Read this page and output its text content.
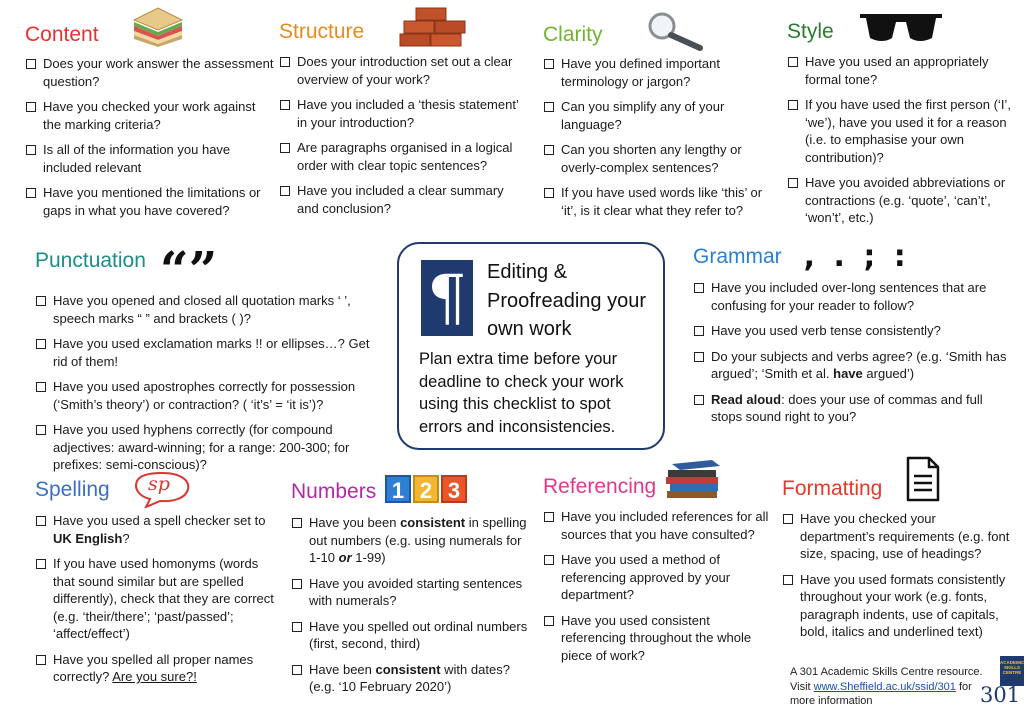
Content
Does your work answer the assessment question?
Have you checked your work against the marking criteria?
Is all of the information you have included relevant
Have you mentioned the limitations or gaps in what you have covered?
Structure
Does your introduction set out a clear overview of your work?
Have you included a ‘thesis statement’ in your introduction?
Are paragraphs organised in a logical order with clear topic sentences?
Have you included a clear summary and conclusion?
Clarity
Have you defined important terminology or jargon?
Can you simplify any of your language?
Can you shorten any lengthy or overly-complex sentences?
If you have used words like ‘this’ or ‘it’, is it clear what they refer to?
Style
Have you used an appropriately formal tone?
If you have used the first person (‘I’, ‘we’), have you used it for a reason (i.e. to emphasise your own contribution)?
Have you avoided abbreviations or contractions (e.g. ‘quote’, ‘can’t’, ‘won’t’, etc.)
Punctuation “”
Have you opened and closed all quotation marks ‘ ’, speech marks “ ” and brackets ( )?
Have you used exclamation marks !! or ellipses…? Get rid of them!
Have you used apostrophes correctly for possession (‘Smith’s theory’) or contraction? ( ‘it’s’ = ‘it is’)?
Have you used hyphens correctly (for compound adjectives: award-winning; for a range: 200-300; for prefixes: semi-conscious)?
¶	Editing & Proofreading your own work
Plan extra time before your deadline to check your work using this checklist to spot errors and inconsistencies.
Grammar , . ; :
Have you included over-long sentences that are confusing for your reader to follow?
Have you used verb tense consistently?
Do your subjects and verbs agree? (e.g. ‘Smith has argued’; ‘Smith et al. have argued’)
Read aloud: does your use of commas and full stops sound right to you?
Spelling
Have you used a spell checker set to UK English?
If you have used homonyms (words that sound similar but are spelled differently), check that they are correct (e.g. ‘their/there’; ‘past/passed’; ‘affect/effect’)
Have you spelled all proper names correctly? Are you sure?!
sp	Numbers
Have you been consistent in spelling out numbers (e.g. using numerals for 1-10 or 1-99)
Have you avoided starting sentences with numerals?
Have you spelled out ordinal numbers (first, second, third)
Have been consistent with dates? (e.g. ‘10 February 2020’)
1 2 3	Referencing
Have you included references for all sources that you have consulted?
Have you used a method of referencing approved by your department?
Have you used consistent referencing throughout the whole piece of work?
Formatting
Have you checked your department’s requirements (e.g. font size, spacing, use of headings?
Have you used formats consistently throughout your work (e.g. fonts, paragraph indents, use of capitals, bold, italics and underlined text)
A 301 Academic Skills Centre resource.
Visit www.Sheffield.ac.uk/ssid/301 for more information
ACADEMIC SKILLS CENTRE
301
